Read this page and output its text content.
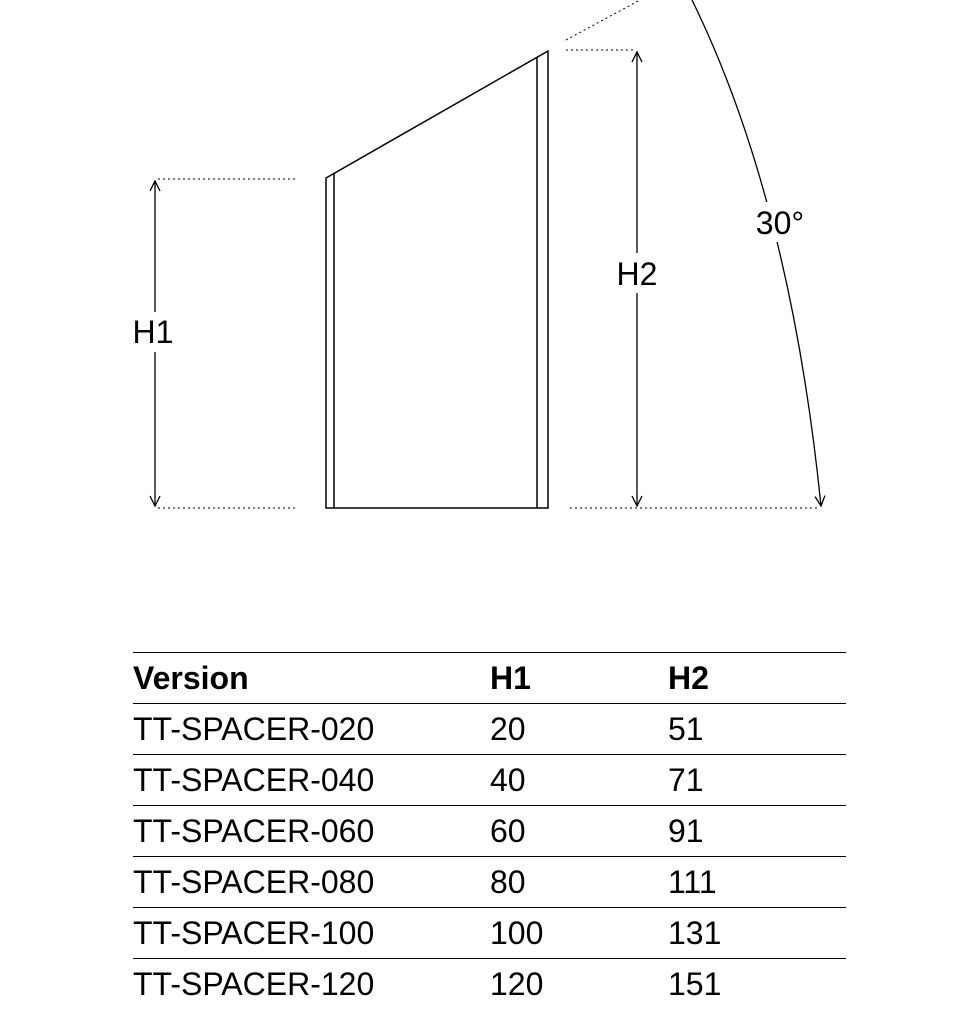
H1
H2
30°
Version	H1	H2
TT-SPACER-020	20	51
TT-SPACER-040	40	71
TT-SPACER-060	60	91
TT-SPACER-080	80	111
TT-SPACER-100	100	131
TT-SPACER-120	120	151
